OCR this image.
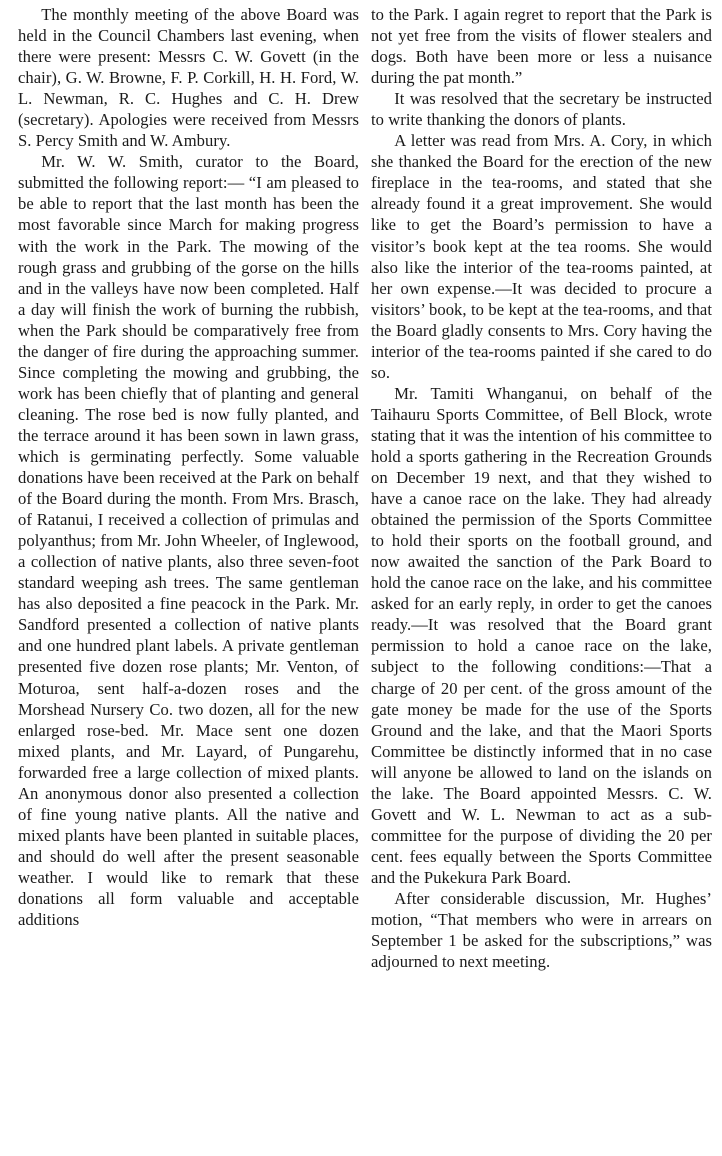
The monthly meeting of the above Board was held in the Council Chambers last evening, when there were present: Messrs C. W. Govett (in the chair), G. W. Browne, F. P. Corkill, H. H. Ford, W. L. Newman, R. C. Hughes and C. H. Drew (secretary). Apologies were received from Messrs S. Percy Smith and W. Ambury.

Mr. W. W. Smith, curator to the Board, submitted the following report:— “I am pleased to be able to report that the last month has been the most favorable since March for making progress with the work in the Park. The mowing of the rough grass and grubbing of the gorse on the hills and in the valleys have now been completed. Half a day will finish the work of burning the rubbish, when the Park should be comparatively free from the danger of fire during the approaching summer. Since completing the mowing and grubbing, the work has been chiefly that of planting and general cleaning. The rose bed is now fully planted, and the terrace around it has been sown in lawn grass, which is germinating perfectly. Some valuable donations have been received at the Park on behalf of the Board during the month. From Mrs. Brasch, of Ratanui, I received a collection of primulas and polyanthus; from Mr. John Wheeler, of Inglewood, a collection of native plants, also three seven-foot standard weeping ash trees. The same gentleman has also deposited a fine peacock in the Park. Mr. Sandford presented a collection of native plants and one hundred plant labels. A private gentleman presented five dozen rose plants; Mr. Venton, of Moturoa, sent half-a-dozen roses and the Morshead Nursery Co. two dozen, all for the new enlarged rose-bed. Mr. Mace sent one dozen mixed plants, and Mr. Layard, of Pungarehu, forwarded free a large collection of mixed plants. An anonymous donor also presented a collection of fine young native plants. All the native and mixed plants have been planted in suitable places, and should do well after the present seasonable weather. I would like to remark that these donations all form valuable and acceptable additions

to the Park. I again regret to report that the Park is not yet free from the visits of flower stealers and dogs. Both have been more or less a nuisance during the pat month.”

It was resolved that the secretary be instructed to write thanking the donors of plants.

A letter was read from Mrs. A. Cory, in which she thanked the Board for the erection of the new fireplace in the tea-rooms, and stated that she already found it a great improvement. She would like to get the Board’s permission to have a visitor’s book kept at the tea rooms. She would also like the interior of the tea-rooms painted, at her own expense.—It was decided to procure a visitors’ book, to be kept at the tea-rooms, and that the Board gladly consents to Mrs. Cory having the interior of the tea-rooms painted if she cared to do so.

Mr. Tamiti Whanganui, on behalf of the Taihauru Sports Committee, of Bell Block, wrote stating that it was the intention of his committee to hold a sports gathering in the Recreation Grounds on December 19 next, and that they wished to have a canoe race on the lake. They had already obtained the permission of the Sports Committee to hold their sports on the football ground, and now awaited the sanction of the Park Board to hold the canoe race on the lake, and his committee asked for an early reply, in order to get the canoes ready.—It was resolved that the Board grant permission to hold a canoe race on the lake, subject to the following conditions:—That a charge of 20 per cent. of the gross amount of the gate money be made for the use of the Sports Ground and the lake, and that the Maori Sports Committee be distinctly informed that in no case will anyone be allowed to land on the islands on the lake. The Board appointed Messrs. C. W. Govett and W. L. Newman to act as a sub-committee for the purpose of dividing the 20 per cent. fees equally between the Sports Committee and the Pukekura Park Board.

After considerable discussion, Mr. Hughes’ motion, “That members who were in arrears on September 1 be asked for the subscriptions,” was adjourned to next meeting.
